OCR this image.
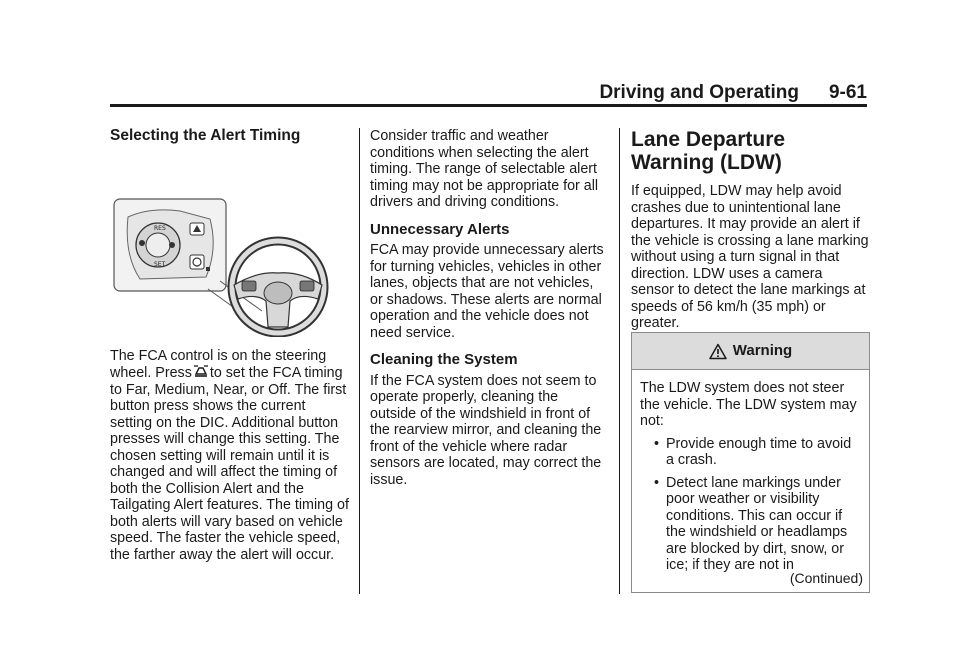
Driving and Operating 9-61
Selecting the Alert Timing
RES
SET

The FCA control is on the steering wheel. Press to set the FCA timing to Far, Medium, Near, or Off. The first button press shows the current setting on the DIC. Additional button presses will change this setting. The chosen setting will remain until it is changed and will affect the timing of both the Collision Alert and the Tailgating Alert features. The timing of both alerts will vary based on vehicle speed. The faster the vehicle speed, the farther away the alert will occur.

Consider traffic and weather conditions when selecting the alert timing. The range of selectable alert timing may not be appropriate for all drivers and driving conditions.

Unnecessary Alerts

FCA may provide unnecessary alerts for turning vehicles, vehicles in other lanes, objects that are not vehicles, or shadows. These alerts are normal operation and the vehicle does not need service.

Cleaning the System

If the FCA system does not seem to operate properly, cleaning the outside of the windshield in front of the rearview mirror, and cleaning the front of the vehicle where radar sensors are located, may correct the issue.

Lane Departure Warning (LDW)

If equipped, LDW may help avoid crashes due to unintentional lane departures. It may provide an alert if the vehicle is crossing a lane marking without using a turn signal in that direction. LDW uses a camera sensor to detect the lane markings at speeds of 56 km/h (35 mph) or greater.

Warning

The LDW system does not steer the vehicle. The LDW system may not:

• Provide enough time to avoid a crash.
• Detect lane markings under poor weather or visibility conditions. This can occur if the windshield or headlamps are blocked by dirt, snow, or ice; if they are not in
(Continued)
